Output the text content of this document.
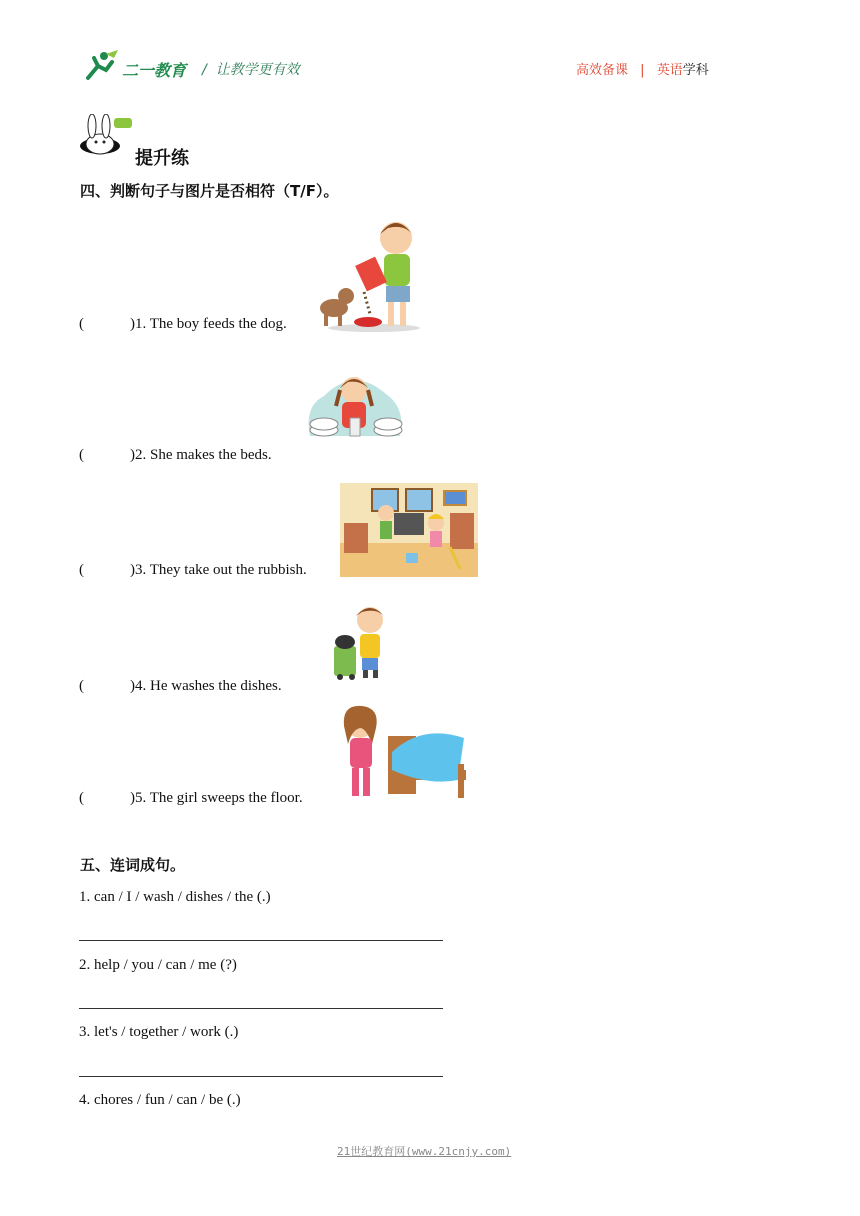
二一教育 /  让教学更有效	高效备课 | 英语学科
提升练
四、判断句子与图片是否相符（T/F）。
(	)1. The boy feeds the dog.
(	)2. She makes the beds.
(	)3. They take out the rubbish.
(	)4. He washes the dishes.
(	)5. The girl sweeps the floor.
五、连词成句。
1. can / I / wash / dishes / the (.)
2. help / you / can / me (?)
3. let's / together / work (.)
4. chores / fun / can / be (.)
21世纪教育网(www.21cnjy.com)
